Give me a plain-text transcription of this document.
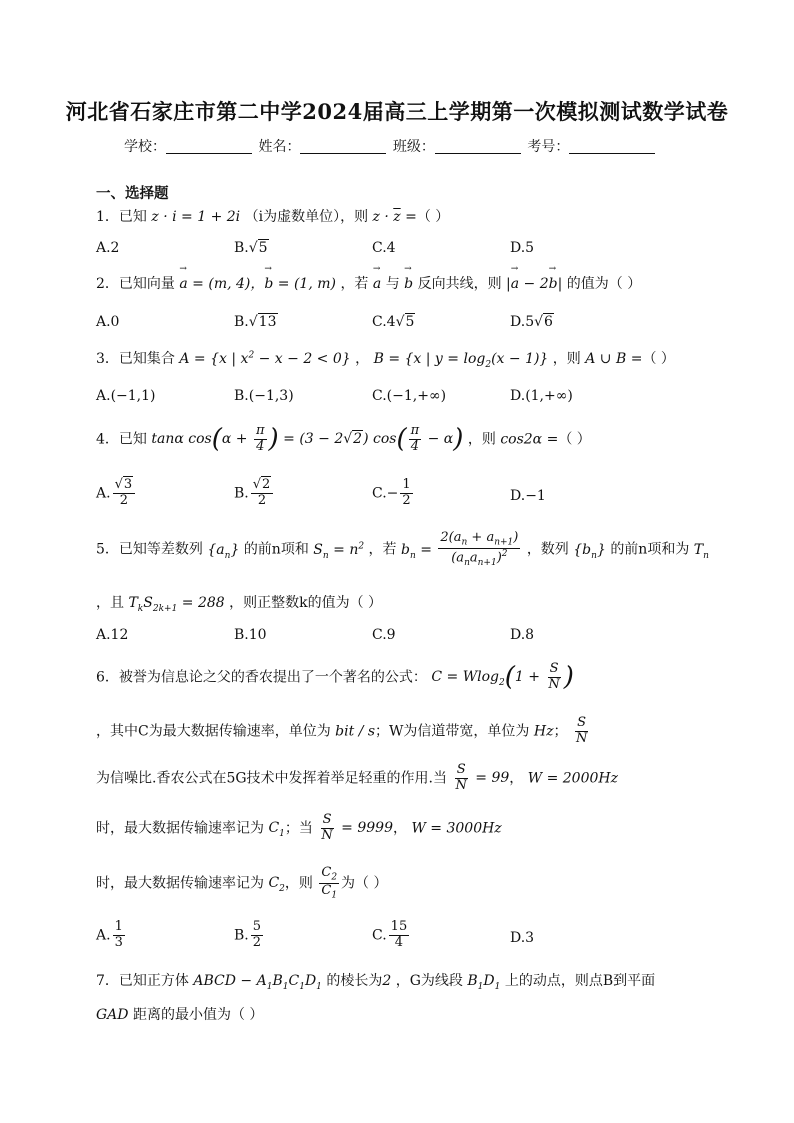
河北省石家庄市第二中学2024届高三上学期第一次模拟测试数学试卷
学校：	姓名：	班级：	考号：
一、选择题
1．已知 z · i = 1 + 2i （i为虚数单位），则 $z \cdot \overline{z}$ =（ ）
A.2	B.√5	C.4	D.5
2．已知向量 → a = (m, 4)，→ b = (1, m) ，若 → a 与 → b 反向共线，则 |→ a − 2→ b| 的值为（ ）
A.0	B.√13	C.4√5	D.5√6
3．已知集合 A = {x | $x^2 - x - 2 < 0$} ， B = {x | $y = \log_2(x - 1)$} ，则 A ∪ B =（ ）
A.(−1,1)	B.(−1,3)	C.(−1,+∞)	D.(1,+∞)
4．已知 tanα $\cos(\alpha + \frac{\pi}{4}$ ) = (3 − 2√2) $\cos( \frac{\pi}{4} - \alpha)$ ，则 cos2α =（ ）
A. $\frac{√3}{2}$	B. $\frac{√2}{2}$	$C.- \frac{1}{2}$	D.−1
5．已知等差数列 $\{a_n\}$ 的前n项和 $S_n = n^2$ ，若 $b_n = \frac{2(a_n + a_{n+1})}{(a_na_{n+1})^2}$ ，数列 $\{b_n\}$ 的前n项和为 $T_n$
，且 $T_kS_{2k+1} = 288$ ，则正整数k的值为（ ）
A.12	B.10	C.9	D.8
6．被誉为信息论之父的香农提出了一个著名的公式： $C = Wlog_2(1 + \frac{S}{N}$ )
，其中C为最大数据传输速率，单位为 bit / s；W为信道带宽，单位为 Hz； $\frac{S}{N}$
为信噪比.香农公式在5G技术中发挥着举足轻重的作用.当 $\frac{S}{N} = 99$， W = 2000Hz
时，最大数据传输速率记为 $C_1$；当 $\frac{S}{N} = 9999$， W = 3000Hz
时，最大数据传输速率记为 $C_2$，则 $\frac{C_2}{C_1}$ 为（ ）
A. $\frac{1}{3}$	B. $\frac{5}{2}$	C. $\frac{15}{4}$	D.3
7．已知正方体 ABCD − $A_1B_1C_1D_1$ 的棱长为2 ，G为线段 $B_1D_1$ 上的动点，则点B到平面
GAD 距离的最小值为（ ）
